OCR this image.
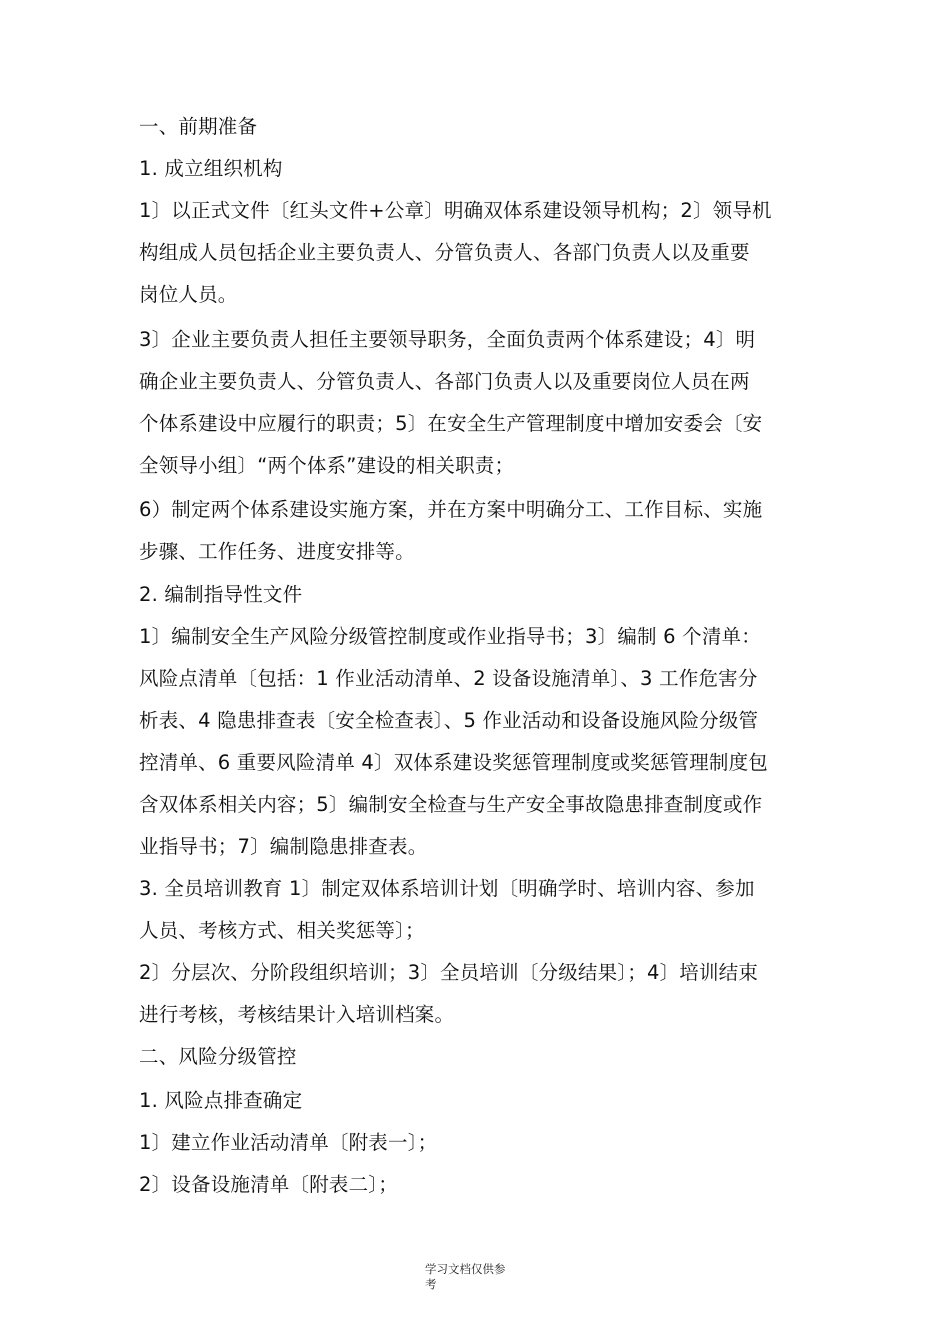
一、前期准备

1. 成立组织机构

1〕以正式文件〔红头文件+公章〕明确双体系建设领导机构；2〕领导机

构组成人员包括企业主要负责人、分管负责人、各部门负责人以及重要

岗位人员。

3〕企业主要负责人担任主要领导职务，全面负责两个体系建设；4〕明

确企业主要负责人、分管负责人、各部门负责人以及重要岗位人员在两

个体系建设中应履行的职责；5〕在安全生产管理制度中增加安委会〔安

全领导小组〕“两个体系”建设的相关职责；

6）制定两个体系建设实施方案，并在方案中明确分工、工作目标、实施

步骤、工作任务、进度安排等。

2. 编制指导性文件

1〕编制安全生产风险分级管控制度或作业指导书；3〕编制 6 个清单：

风险点清单〔包括：1 作业活动清单、2 设备设施清单〕、3 工作危害分

析表、4 隐患排查表〔安全检查表〕、5 作业活动和设备设施风险分级管

控清单、6 重要风险清单 4〕双体系建设奖惩管理制度或奖惩管理制度包

含双体系相关内容；5〕编制安全检查与生产安全事故隐患排查制度或作

业指导书；7〕编制隐患排查表。

3. 全员培训教育 1〕制定双体系培训计划〔明确学时、培训内容、参加

人员、考核方式、相关奖惩等〕；

2〕分层次、分阶段组织培训；3〕全员培训〔分级结果〕；4〕培训结束

进行考核，考核结果计入培训档案。

二、风险分级管控

1. 风险点排查确定

1〕建立作业活动清单〔附表一〕；

2〕设备设施清单〔附表二〕；

学习文档仅供参
考
